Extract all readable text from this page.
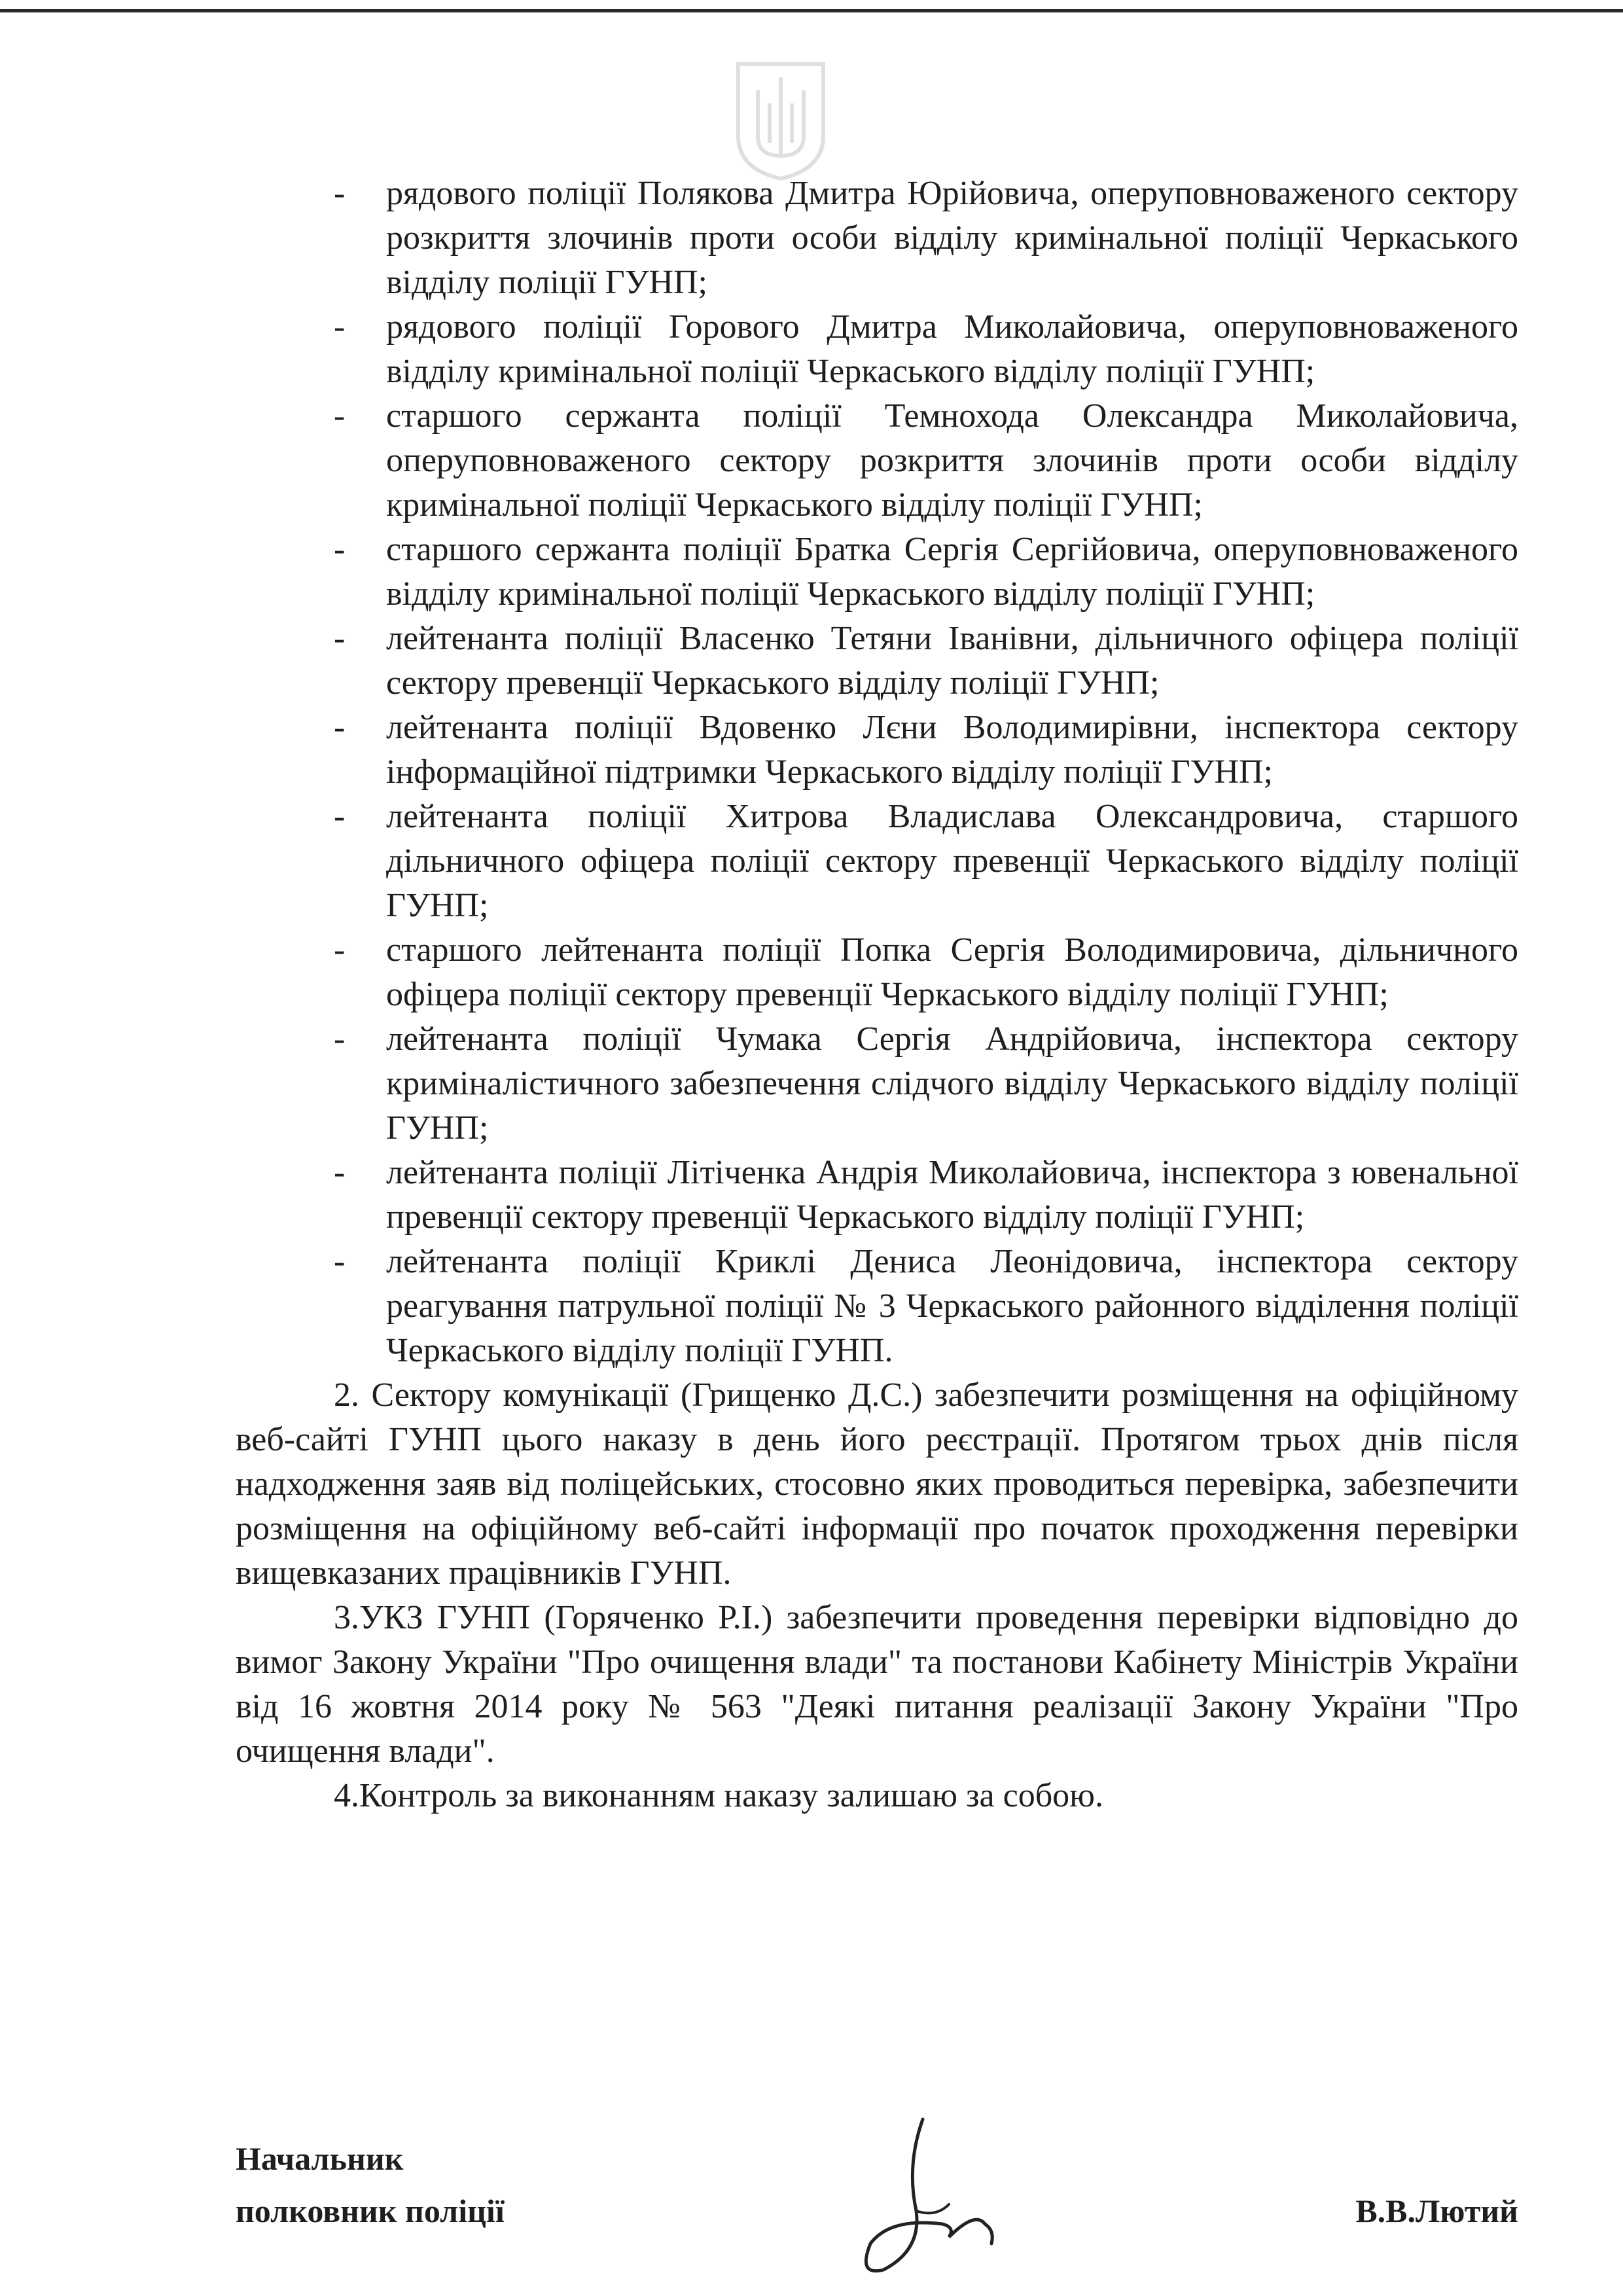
- рядового поліції Полякова Дмитра Юрійовича, оперуповноваженого сектору розкриття злочинів проти особи відділу кримінальної поліції Черкаського відділу поліції ГУНП;

- рядового поліції Горового Дмитра Миколайовича, оперуповноваженого відділу кримінальної поліції Черкаського відділу поліції ГУНП;

- старшого сержанта поліції Темнохода Олександра Миколайовича, оперуповноваженого сектору розкриття злочинів проти особи відділу кримінальної поліції Черкаського відділу поліції ГУНП;

- старшого сержанта поліції Братка Сергія Сергійовича, оперуповноваженого відділу кримінальної поліції Черкаського відділу поліції ГУНП;

- лейтенанта поліції Власенко Тетяни Іванівни, дільничного офіцера поліції сектору превенції Черкаського відділу поліції ГУНП;

- лейтенанта поліції Вдовенко Лєни Володимирівни, інспектора сектору інформаційної підтримки Черкаського відділу поліції ГУНП;

- лейтенанта поліції Хитрова Владислава Олександровича, старшого дільничного офіцера поліції сектору превенції Черкаського відділу поліції ГУНП;

- старшого лейтенанта поліції Попка Сергія Володимировича, дільничного офіцера поліції сектору превенції Черкаського відділу поліції ГУНП;

- лейтенанта поліції Чумака Сергія Андрійовича, інспектора сектору криміналістичного забезпечення слідчого відділу Черкаського відділу поліції ГУНП;

- лейтенанта поліції Літіченка Андрія Миколайовича, інспектора з ювенальної превенції сектору превенції Черкаського відділу поліції ГУНП;

- лейтенанта поліції Криклі Дениса Леонідовича, інспектора сектору реагування патрульної поліції № 3 Черкаського районного відділення поліції Черкаського відділу поліції ГУНП.

2. Сектору комунікації (Грищенко Д.С.) забезпечити розміщення на офіційному веб-сайті ГУНП цього наказу в день його реєстрації. Протягом трьох днів після надходження заяв від поліцейських, стосовно яких проводиться перевірка, забезпечити розміщення на офіційному веб-сайті інформації про початок проходження перевірки вищевказаних працівників ГУНП.

3.УКЗ ГУНП (Горяченко Р.І.) забезпечити проведення перевірки відповідно до вимог Закону України "Про очищення влади" та постанови Кабінету Міністрів України від 16 жовтня 2014 року № 563 "Деякі питання реалізації Закону України "Про очищення влади".

4.Контроль за виконанням наказу залишаю за собою.

Начальник
полковник поліції	В.В.Лютий
